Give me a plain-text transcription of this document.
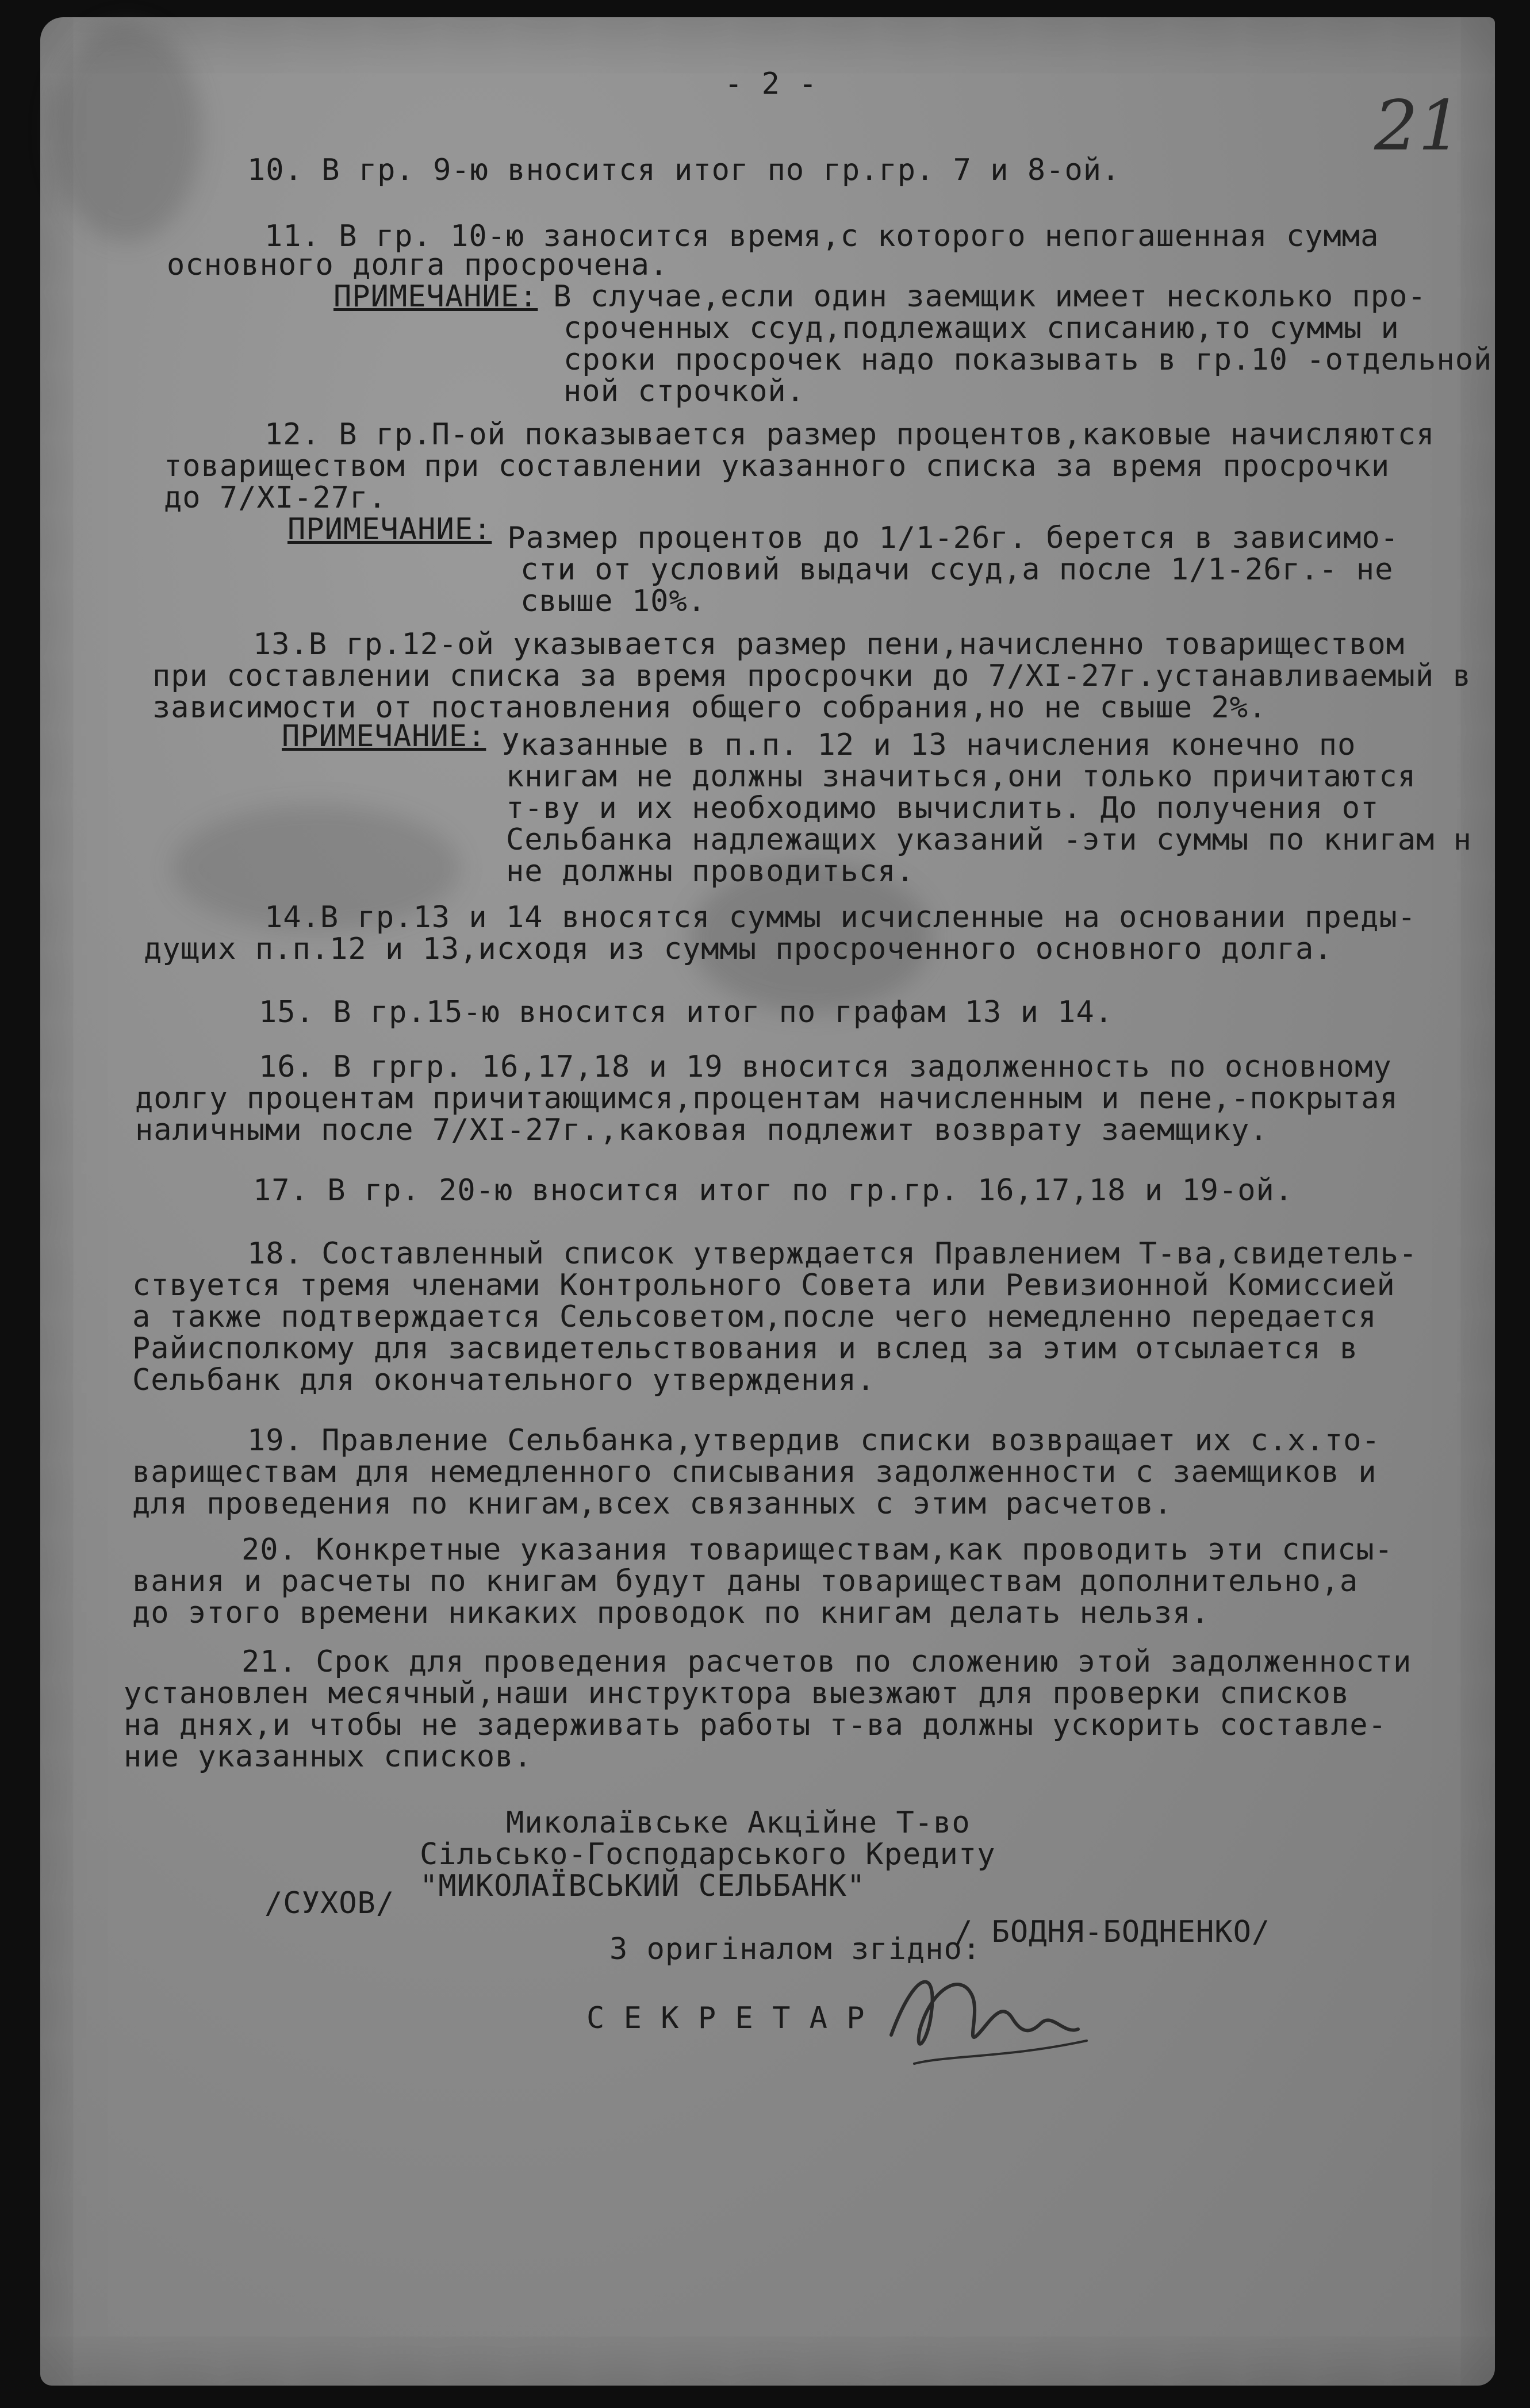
- 2 -
21
10. В гр. 9-ю вносится итог по гр.гр. 7 и 8-ой.
11. В гр. 10-ю заносится время,с которого непогашенная сумма
основного долга просрочена.
ПРИМЕЧАНИЕ:
В случае,если один заемщик имеет несколько про-
сроченных ссуд,подлежащих списанию,то суммы и
сроки просрочек надо показывать в гр.10 -отдельной
ной строчкой.
12. В гр.П-ой показывается размер процентов,каковые начисляются
товариществом при составлении указанного списка за время просрочки
до 7/XI-27г.
ПРИМЕЧАНИЕ:
Размер процентов до 1/1-26г. берется в зависимо-
сти от условий выдачи ссуд,а после 1/1-26г.- не
свыше 10%.
13.В гр.12-ой указывается размер пени,начисленно товариществом
при составлении списка за время просрочки до 7/XI-27г.устанавливаемый в
зависимости от постановления общего собрания,но не свыше 2%.
ПРИМЕЧАНИЕ:
Указанные в п.п. 12 и 13 начисления конечно по
книгам не должны значиться,они только причитаются
т-ву и их необходимо вычислить. До получения от
Сельбанка надлежащих указаний -эти суммы по книгам н
не должны проводиться.
14.В гр.13 и 14 вносятся суммы исчисленные на основании преды-
дущих п.п.12 и 13,исходя из суммы просроченного основного долга.
15. В гр.15-ю вносится итог по графам 13 и 14.
16. В гргр. 16,17,18 и 19 вносится задолженность по основному
долгу процентам причитающимся,процентам начисленным и пене,-покрытая
наличными после 7/XI-27г.,каковая подлежит возврату заемщику.
17. В гр. 20-ю вносится итог по гр.гр. 16,17,18 и 19-ой.
18. Составленный список утверждается Правлением Т-ва,свидетель-
ствуется тремя членами Контрольного Совета или Ревизионной Комиссией
а также подтверждается Сельсоветом,после чего немедленно передается
Райисполкому для засвидетельствования и вслед за этим отсылается в
Сельбанк для окончательного утверждения.
19. Правление Сельбанка,утвердив списки возвращает их с.х.то-
вариществам для немедленного списывания задолженности с заемщиков и
для проведения по книгам,всех связанных с этим расчетов.
20. Конкретные указания товариществам,как проводить эти списы-
вания и расчеты по книгам будут даны товариществам дополнительно,а
до этого времени никаких проводок по книгам делать нельзя.
21. Срок для проведения расчетов по сложению этой задолженности
установлен месячный,наши инструктора выезжают для проверки списков
на днях,и чтобы не задерживать работы т-ва должны ускорить составле-
ние указанных списков.
Миколаївське Акційне Т-во
Сільсько-Господарського Кредиту
"МИКОЛАЇВСЬКИЙ СЕЛЬБАНК"
/СУХОВ/
/ БОДНЯ-БОДНЕНКО/
З оригіналом згідно:
С Е К Р Е Т А Р
